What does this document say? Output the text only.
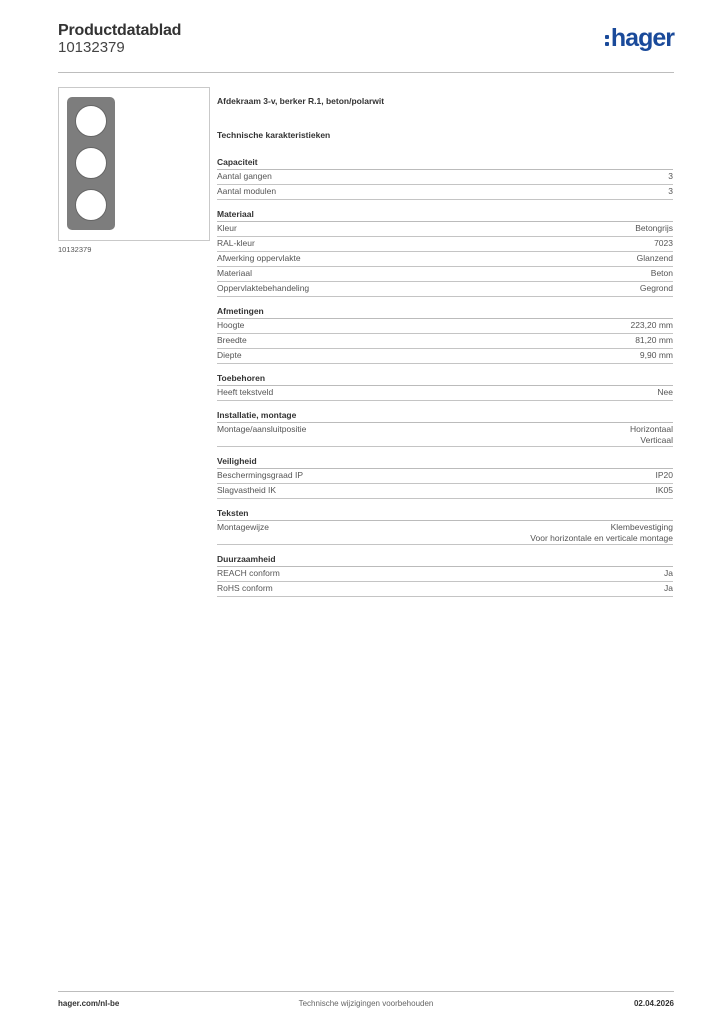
Productdatablad
10132379	hager
10132379
Afdekraam 3-v, berker R.1, beton/polarwit
Technische karakteristieken
Capaciteit
Aantal gangen	3
Aantal modulen	3
Materiaal
Kleur	Betongrijs
RAL-kleur	7023
Afwerking oppervlakte	Glanzend
Materiaal	Beton
Oppervlaktebehandeling	Gegrond
Afmetingen
Hoogte	223,20 mm
Breedte	81,20 mm
Diepte	9,90 mm
Toebehoren
Heeft tekstveld	Nee
Installatie, montage
Montage/aansluitpositie	Horizontaal
Verticaal
Veiligheid
Beschermingsgraad IP	IP20
Slagvastheid IK	IK05
Teksten
Montagewijze	Klembevestiging
Voor horizontale en verticale montage
Duurzaamheid
REACH conform	Ja
RoHS conform	Ja
hager.com/nl-be	Technische wijzigingen voorbehouden	02.04.2026
